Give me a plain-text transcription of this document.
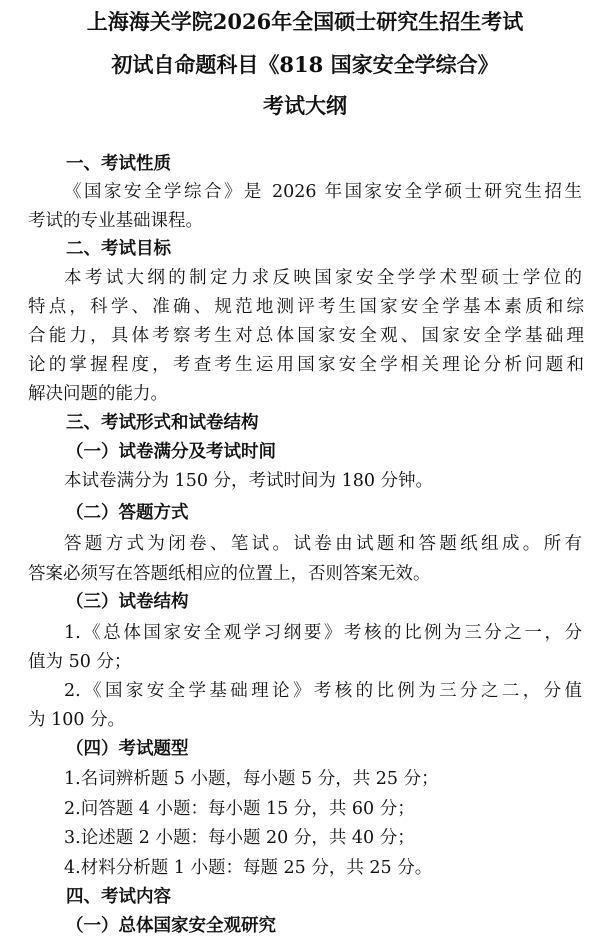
上海海关学院2026年全国硕士研究生招生考试
初试自命题科目《818 国家安全学综合》
考试大纲
一、考试性质
《国家安全学综合》是 2026 年国家安全学硕士研究生招生
考试的专业基础课程。
二、考试目标
本考试大纲的制定力求反映国家安全学学术型硕士学位的
特点，科学、准确、规范地测评考生国家安全学基本素质和综
合能力，具体考察考生对总体国家安全观、国家安全学基础理
论的掌握程度，考查考生运用国家安全学相关理论分析问题和
解决问题的能力。
三、考试形式和试卷结构
（一）试卷满分及考试时间
本试卷满分为 150 分，考试时间为 180 分钟。
（二）答题方式
答题方式为闭卷、笔试。试卷由试题和答题纸组成。所有
答案必须写在答题纸相应的位置上，否则答案无效。
（三）试卷结构
1.《总体国家安全观学习纲要》考核的比例为三分之一，分
值为 50 分；
2.《国家安全学基础理论》考核的比例为三分之二，分值
为 100 分。
（四）考试题型
1.名词辨析题 5 小题，每小题 5 分，共 25 分；
2.问答题 4 小题：每小题 15 分，共 60 分；
3.论述题 2 小题：每小题 20 分，共 40 分；
4.材料分析题 1 小题：每题 25 分，共 25 分。
四、考试内容
（一）总体国家安全观研究
